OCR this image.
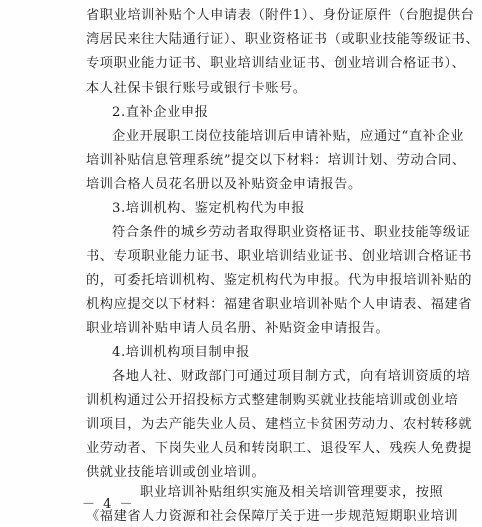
省职业培训补贴个人申请表（附件1）、身份证原件（台胞提供台
湾居民来往大陆通行证）、职业资格证书（或职业技能等级证书、
专项职业能力证书、职业培训结业证书、创业培训合格证书）、
本人社保卡银行账号或银行卡账号。
2.直补企业申报
企业开展职工岗位技能培训后申请补贴，应通过“直补企业
培训补贴信息管理系统”提交以下材料：培训计划、劳动合同、
培训合格人员花名册以及补贴资金申请报告。
3.培训机构、鉴定机构代为申报
符合条件的城乡劳动者取得职业资格证书、职业技能等级证
书、专项职业能力证书、职业培训结业证书、创业培训合格证书
的，可委托培训机构、鉴定机构代为申报。代为申报培训补贴的
机构应提交以下材料：福建省职业培训补贴个人申请表、福建省
职业培训补贴申请人员名册、补贴资金申请报告。
4.培训机构项目制申报
各地人社、财政部门可通过项目制方式，向有培训资质的培
训机构通过公开招投标方式整建制购买就业技能培训或创业培
训项目，为去产能失业人员、建档立卡贫困劳动力、农村转移就
业劳动者、下岗失业人员和转岗职工、退役军人、残疾人免费提
供就业技能培训或创业培训。
职业培训补贴组织实施及相关培训管理要求，按照
《福建省人力资源和社会保障厅关于进一步规范短期职业培训
－ 4 －
